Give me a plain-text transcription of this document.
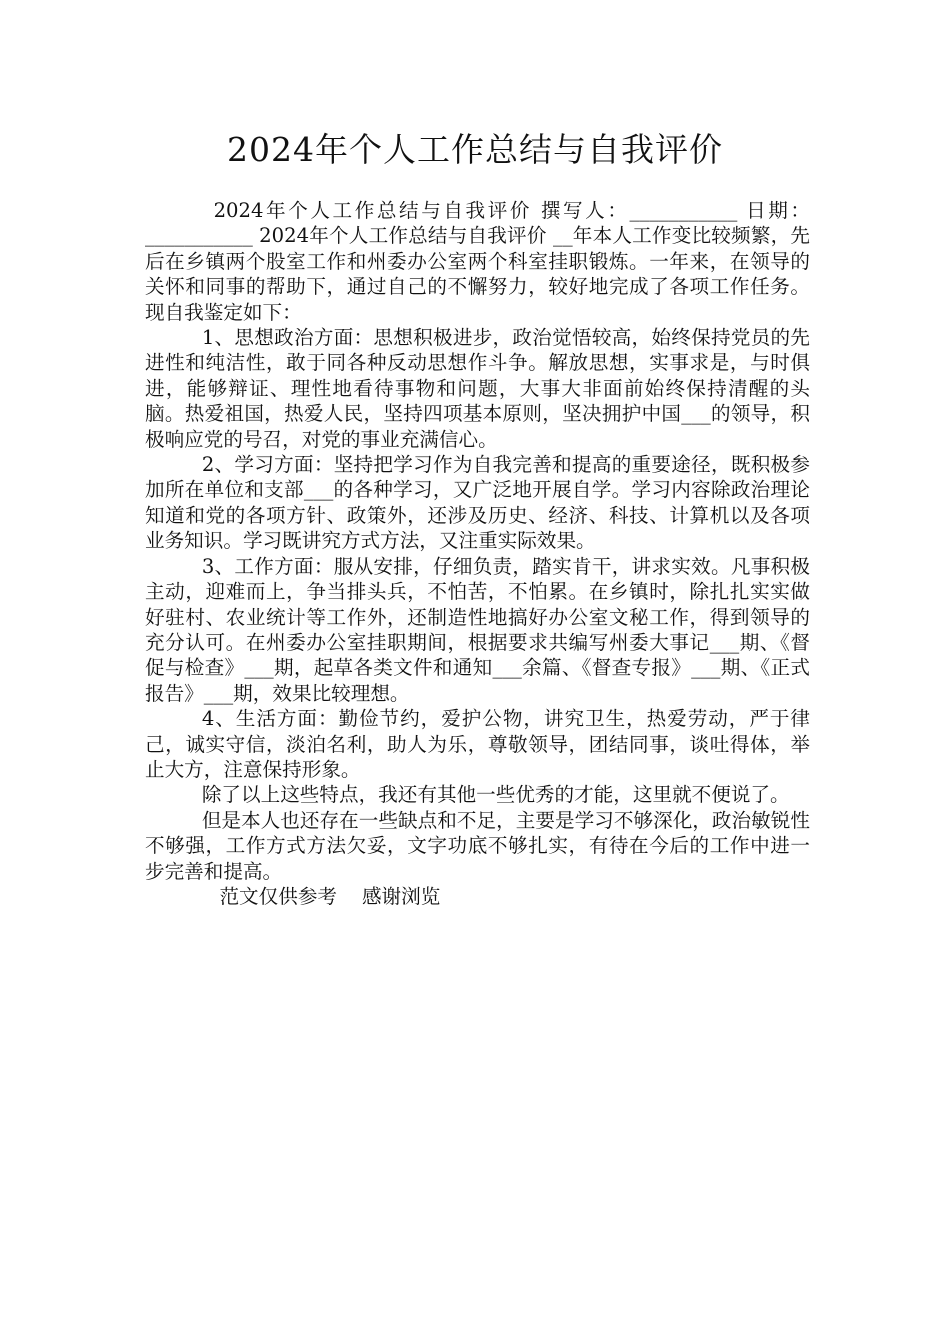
2024年个人工作总结与自我评价

2024年个人工作总结与自我评价 撰写人：___________ 日期：___________ 2024年个人工作总结与自我评价 __年本人工作变比较频繁，先后在乡镇两个股室工作和州委办公室两个科室挂职锻炼。一年来，在领导的关怀和同事的帮助下，通过自己的不懈努力，较好地完成了各项工作任务。现自我鉴定如下：

1、思想政治方面：思想积极进步，政治觉悟较高，始终保持党员的先进性和纯洁性，敢于同各种反动思想作斗争。解放思想，实事求是，与时俱进，能够辩证、理性地看待事物和问题，大事大非面前始终保持清醒的头脑。热爱祖国，热爱人民，坚持四项基本原则，坚决拥护中国___的领导，积极响应党的号召，对党的事业充满信心。

2、学习方面：坚持把学习作为自我完善和提高的重要途径，既积极参加所在单位和支部___的各种学习，又广泛地开展自学。学习内容除政治理论知道和党的各项方针、政策外，还涉及历史、经济、科技、计算机以及各项业务知识。学习既讲究方式方法，又注重实际效果。

3、工作方面：服从安排，仔细负责，踏实肯干，讲求实效。凡事积极主动，迎难而上，争当排头兵，不怕苦，不怕累。在乡镇时，除扎扎实实做好驻村、农业统计等工作外，还制造性地搞好办公室文秘工作，得到领导的充分认可。在州委办公室挂职期间，根据要求共编写州委大事记___期、《督促与检查》___期，起草各类文件和通知___余篇、《督查专报》___期、《正式报告》___期，效果比较理想。

4、生活方面：勤俭节约，爱护公物，讲究卫生，热爱劳动，严于律己，诚实守信，淡泊名利，助人为乐，尊敬领导，团结同事，谈吐得体，举止大方，注意保持形象。

除了以上这些特点，我还有其他一些优秀的才能，这里就不便说了。

但是本人也还存在一些缺点和不足，主要是学习不够深化，政治敏锐性不够强，工作方式方法欠妥，文字功底不够扎实，有待在今后的工作中进一步完善和提高。

范文仅供参考    感谢浏览
